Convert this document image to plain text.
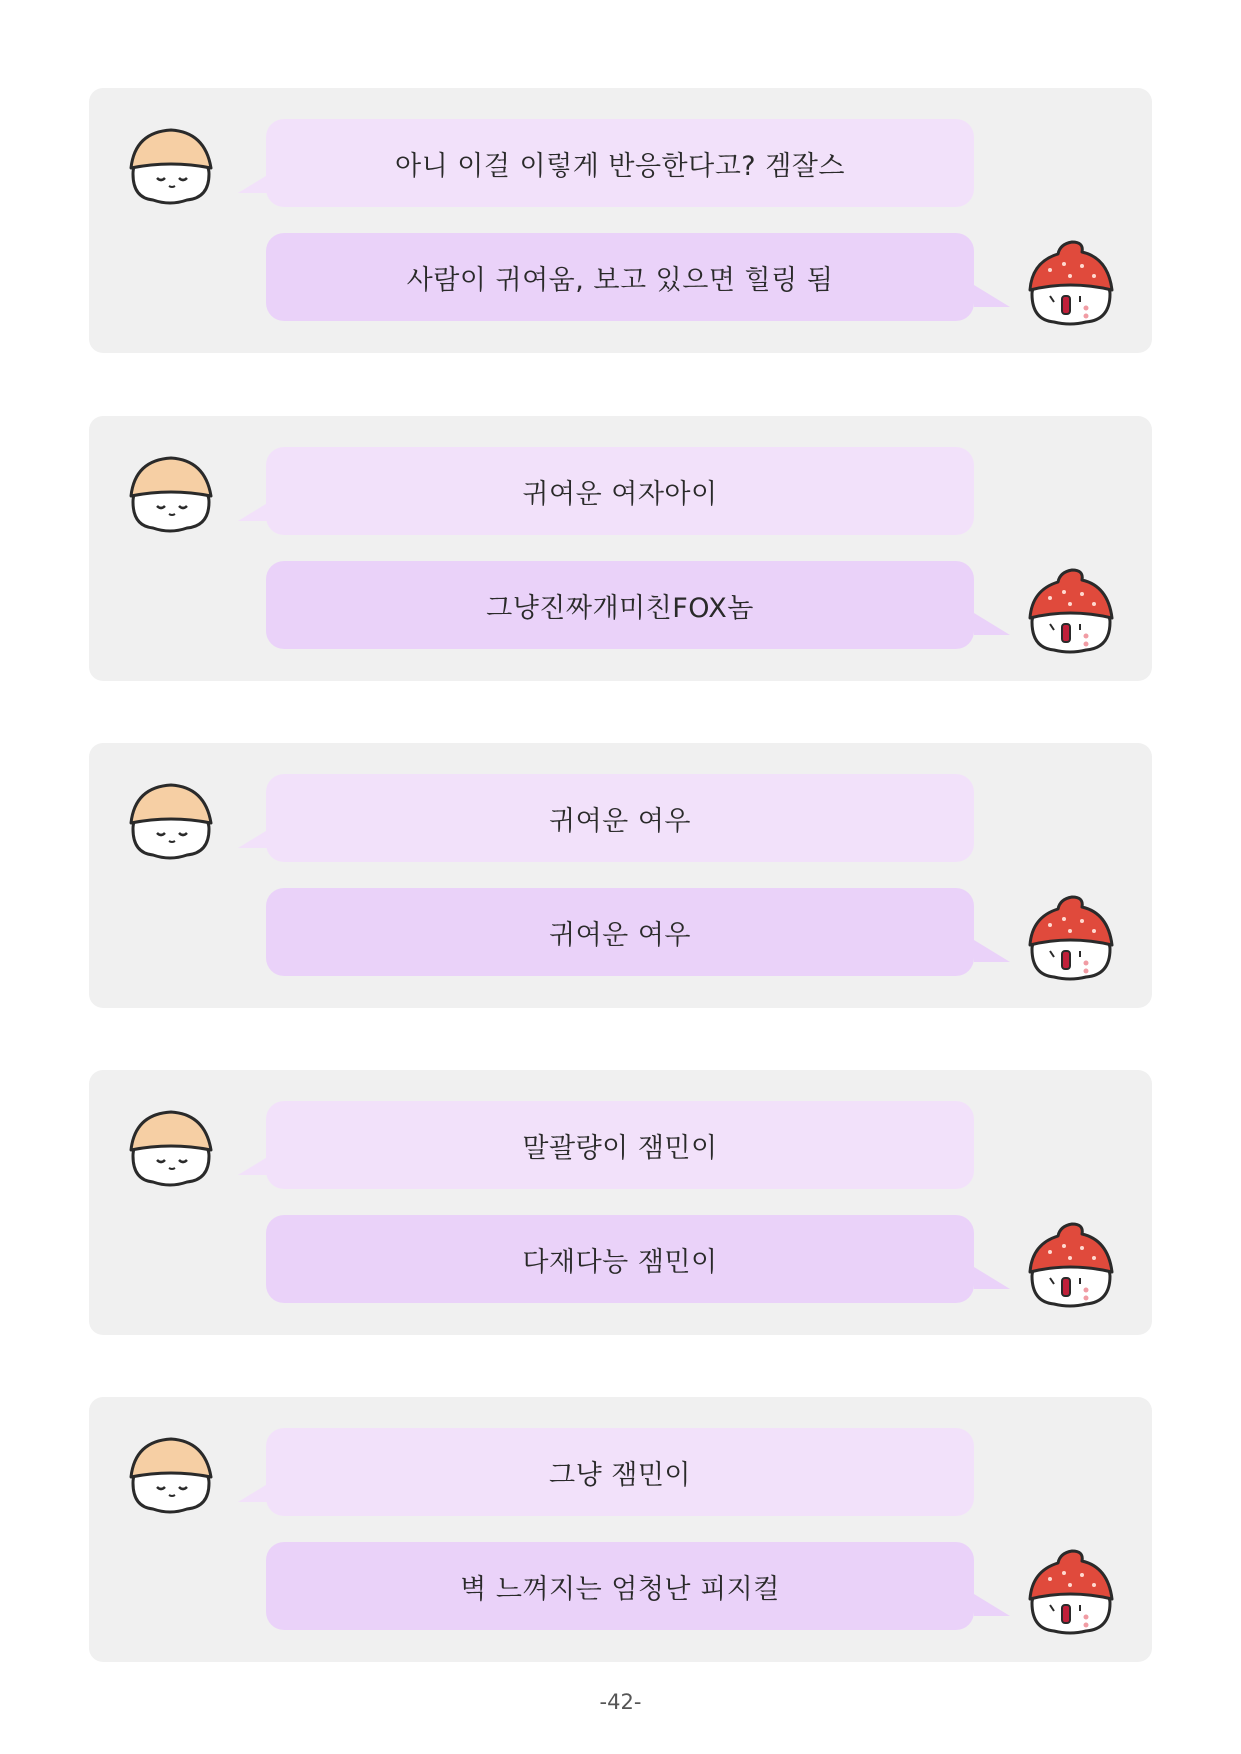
아니 이걸 이렇게 반응한다고? 겜잘스
사람이 귀여움, 보고 있으면 힐링 됨
귀여운 여자아이
그냥진짜개미친FOX놈
귀여운 여우
귀여운 여우
말괄량이 잼민이
다재다능 잼민이
그냥 잼민이
벽 느껴지는 엄청난 피지컬
-42-
